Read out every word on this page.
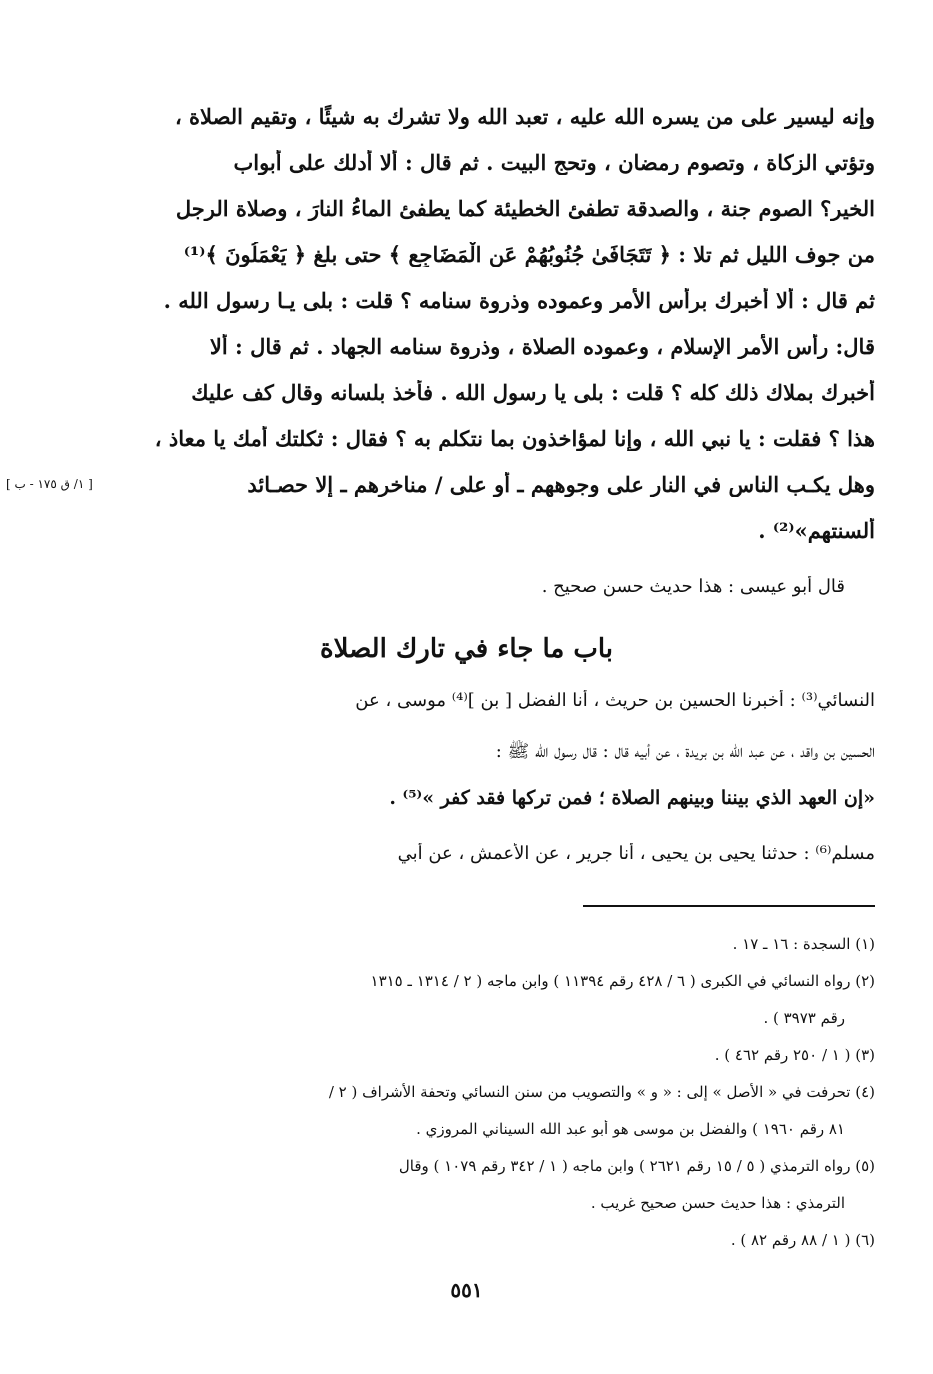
وإنه ليسير على من يسره الله عليه ، تعبد الله ولا تشرك به شيئًا ، وتقيم الصلاة ،
وتؤتي الزكاة ، وتصوم رمضان ، وتحج البيت . ثم قال : ألا أدلك على أبواب
الخير؟ الصوم جنة ، والصدقة تطفئ الخطيئة كما يطفئ الماءُ النارَ ، وصلاة الرجل
من جوف الليل ثم تلا : ﴿ تَتَجَافَىٰ جُنُوبُهُمْ عَنِ الْمَضَاجِعِ ﴾ حتى بلغ ﴿ يَعْمَلُونَ ﴾⁽¹⁾
ثم قال : ألا أخبرك برأس الأمر وعموده وذروة سنامه ؟ قلت : بلى يـا رسول الله .
قال: رأس الأمر الإسلام ، وعموده الصلاة ، وذروة سنامه الجهاد . ثم قال : ألا
أخبرك بملاك ذلك كله ؟ قلت : بلى يا رسول الله . فأخذ بلسانه وقال كف عليك
هذا ؟ فقلت : يا نبي الله ، وإنا لمؤاخذون بما نتكلم به ؟ فقال : ثكلتك أمك يا معاذ ،
وهل يكـب الناس في النار على وجوههم ـ أو على / مناخرهم ـ إلا حصـائد
ألسنتهم»⁽²⁾ .
[ ١/ ق ١٧٥ - ب ]
قال أبو عيسى : هذا حديث حسن صحيح .
باب ما جاء في تارك الصلاة
النسائي⁽³⁾ : أخبرنا الحسين بن حريث ، أنا الفضل [ بن ]⁽⁴⁾ موسى ، عن
الحسين بن واقد ، عن عبد الله بن بريدة ، عن أبيه قال : قال رسول الله ﷺ :
«إن العهد الذي بيننا وبينهم الصلاة ؛ فمن تركها فقد كفر »⁽⁵⁾ .
مسلم⁽⁶⁾ : حدثنا يحيى بن يحيى ، أنا جرير ، عن الأعمش ، عن أبي
(١) السجدة : ١٦ ـ ١٧ .
(٢) رواه النسائي في الكبرى ( ٦ / ٤٢٨ رقم ١١٣٩٤ ) وابن ماجه ( ٢ / ١٣١٤ ـ ١٣١٥
رقم ٣٩٧٣ ) .
(٣) ( ١ / ٢٥٠ رقم ٤٦٢ ) .
(٤) تحرفت في « الأصل » إلى : « و » والتصويب من سنن النسائي وتحفة الأشراف ( ٢ /
٨١ رقم ١٩٦٠ ) والفضل بن موسى هو أبو عبد الله السيناني المروزي .
(٥) رواه الترمذي ( ٥ / ١٥ رقم ٢٦٢١ ) وابن ماجه ( ١ / ٣٤٢ رقم ١٠٧٩ ) وقال
الترمذي : هذا حديث حسن صحيح غريب .
(٦) ( ١ / ٨٨ رقم ٨٢ ) .
٥٥١
